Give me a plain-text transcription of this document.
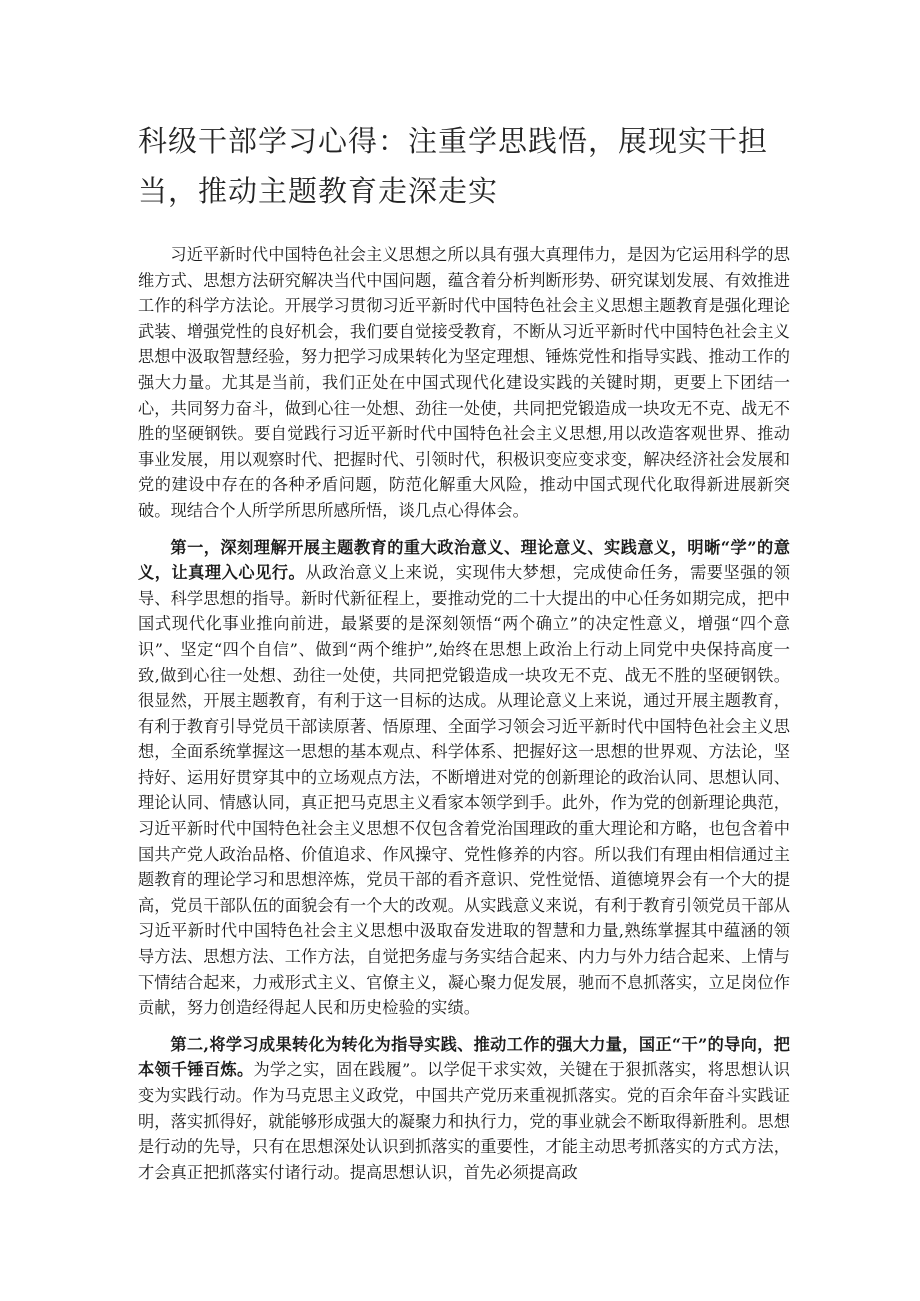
科级干部学习心得：注重学思践悟，展现实干担当，推动主题教育走深走实

习近平新时代中国特色社会主义思想之所以具有强大真理伟力，是因为它运用科学的思维方式、思想方法研究解决当代中国问题，蕴含着分析判断形势、研究谋划发展、有效推进工作的科学方法论。开展学习贯彻习近平新时代中国特色社会主义思想主题教育是强化理论武装、增强党性的良好机会，我们要自觉接受教育，不断从习近平新时代中国特色社会主义思想中汲取智慧经验，努力把学习成果转化为坚定理想、锤炼党性和指导实践、推动工作的强大力量。尤其是当前，我们正处在中国式现代化建设实践的关键时期，更要上下团结一心，共同努力奋斗，做到心往一处想、劲往一处使，共同把党锻造成一块攻无不克、战无不胜的坚硬钢铁。要自觉践行习近平新时代中国特色社会主义思想,用以改造客观世界、推动事业发展，用以观察时代、把握时代、引领时代，积极识变应变求变，解决经济社会发展和党的建设中存在的各种矛盾问题，防范化解重大风险，推动中国式现代化取得新进展新突破。现结合个人所学所思所感所悟，谈几点心得体会。

第一，深刻理解开展主题教育的重大政治意义、理论意义、实践意义，明晰“学”的意义，让真理入心见行。从政治意义上来说，实现伟大梦想，完成使命任务，需要坚强的领导、科学思想的指导。新时代新征程上，要推动党的二十大提出的中心任务如期完成，把中国式现代化事业推向前进，最紧要的是深刻领悟“两个确立”的决定性意义，增强“四个意识”、坚定“四个自信”、做到“两个维护”,始终在思想上政治上行动上同党中央保持高度一致,做到心往一处想、劲往一处使，共同把党锻造成一块攻无不克、战无不胜的坚硬钢铁。很显然，开展主题教育，有利于这一目标的达成。从理论意义上来说，通过开展主题教育，有利于教育引导党员干部读原著、悟原理、全面学习领会习近平新时代中国特色社会主义思想，全面系统掌握这一思想的基本观点、科学体系、把握好这一思想的世界观、方法论，坚持好、运用好贯穿其中的立场观点方法，不断增进对党的创新理论的政治认同、思想认同、理论认同、情感认同，真正把马克思主义看家本领学到手。此外，作为党的创新理论典范，习近平新时代中国特色社会主义思想不仅包含着党治国理政的重大理论和方略，也包含着中国共产党人政治品格、价值追求、作风操守、党性修养的内容。所以我们有理由相信通过主题教育的理论学习和思想淬炼，党员干部的看齐意识、党性觉悟、道德境界会有一个大的提高，党员干部队伍的面貌会有一个大的改观。从实践意义来说，有利于教育引领党员干部从习近平新时代中国特色社会主义思想中汲取奋发进取的智慧和力量,熟练掌握其中蕴涵的领导方法、思想方法、工作方法，自觉把务虚与务实结合起来、内力与外力结合起来、上情与下情结合起来，力戒形式主义、官僚主义，凝心聚力促发展，驰而不息抓落实，立足岗位作贡献，努力创造经得起人民和历史检验的实绩。

第二,将学习成果转化为转化为指导实践、推动工作的强大力量，国正“干”的导向，把本领千锤百炼。为学之实，固在践履”。以学促干求实效，关键在于狠抓落实，将思想认识变为实践行动。作为马克思主义政党，中国共产党历来重视抓落实。党的百余年奋斗实践证明，落实抓得好，就能够形成强大的凝聚力和执行力，党的事业就会不断取得新胜利。思想是行动的先导，只有在思想深处认识到抓落实的重要性，才能主动思考抓落实的方式方法，才会真正把抓落实付诸行动。提高思想认识，首先必须提高政
